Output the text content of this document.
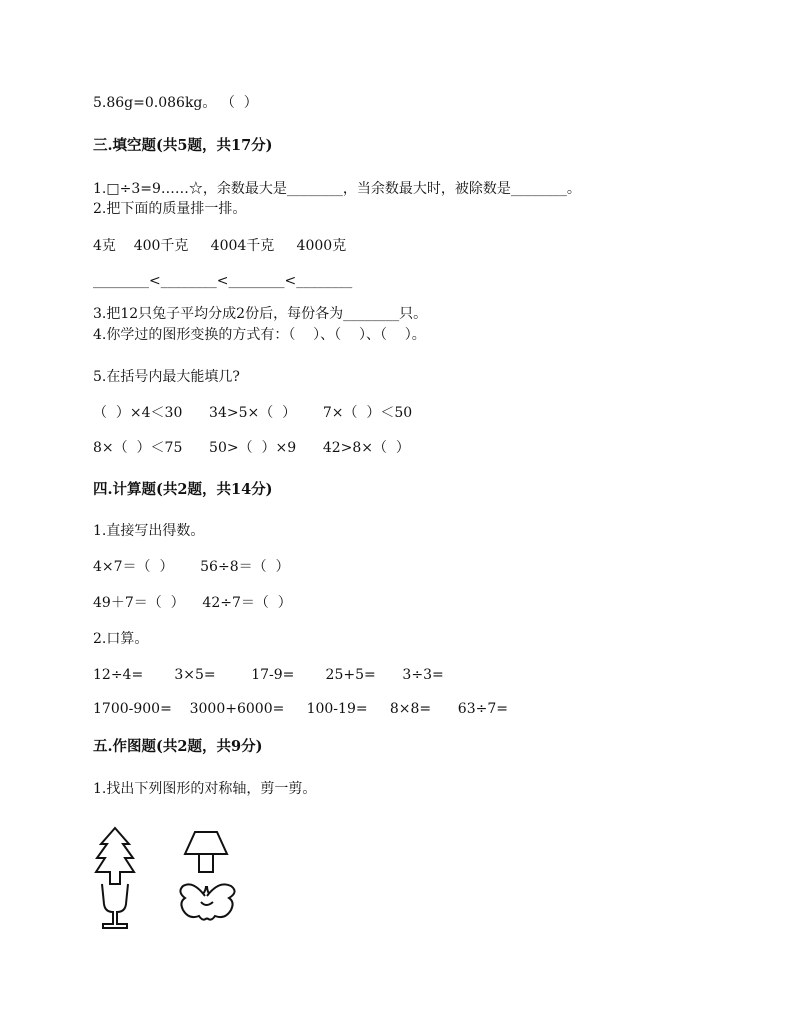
5.86g=0.086kg。 （  ）
三.填空题(共5题，共17分)
1.□÷3=9……☆，余数最大是________，当余数最大时，被除数是________。
2.把下面的质量排一排。
4克    400千克     4004千克     4000克
________<________<________<________
3.把12只兔子平均分成2份后，每份各为________只。
4.你学过的图形变换的方式有：（    ）、（    ）、（    ）。
5.在括号内最大能填几?
（  ）×4＜30      34>5×（  ）      7×（  ）＜50
8×（  ）＜75      50>（  ）×9      42>8×（  ）
四.计算题(共2题，共14分)
1.直接写出得数。
4×7＝（  ）      56÷8＝（  ）
49＋7＝（  ）    42÷7＝（  ）
2.口算。
12÷4=       3×5=        17-9=       25+5=      3÷3=
1700-900=    3000+6000=     100-19=     8×8=      63÷7=
五.作图题(共2题，共9分)
1.找出下列图形的对称轴，剪一剪。
